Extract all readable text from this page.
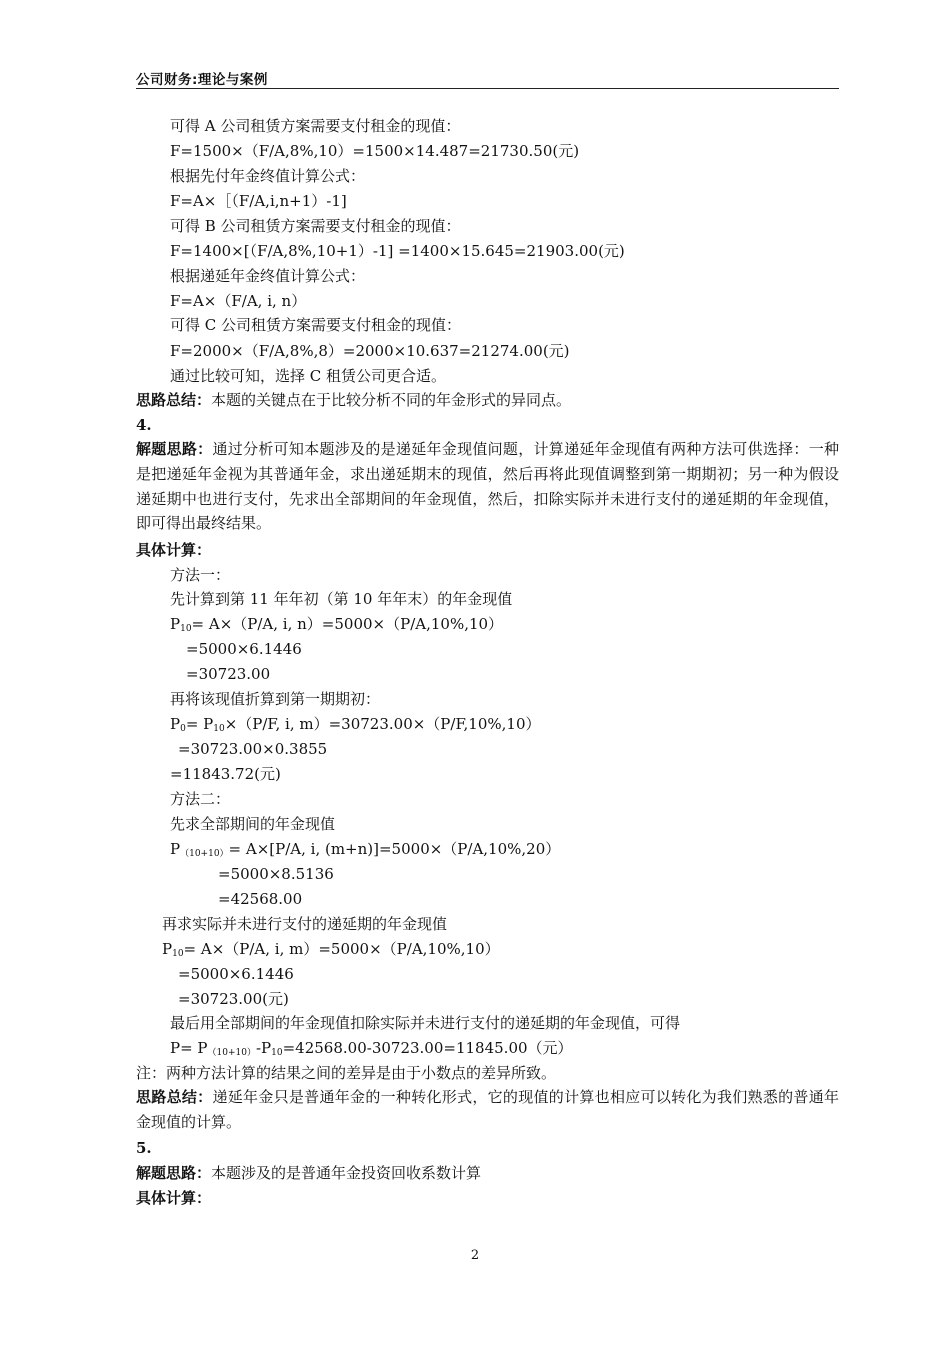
公司财务:理论与案例
可得 A 公司租赁方案需要支付租金的现值：
F=1500×（F/A,8%,10）=1500×14.487=21730.50(元)
根据先付年金终值计算公式：
F=A×［（F/A,i,n+1）-1]
可得 B 公司租赁方案需要支付租金的现值：
F=1400×[（F/A,8%,10+1）-1] =1400×15.645=21903.00(元)
根据递延年金终值计算公式：
F=A×（F/A, i, n）
可得 C 公司租赁方案需要支付租金的现值：
F=2000×（F/A,8%,8）=2000×10.637=21274.00(元)
通过比较可知，选择 C 租赁公司更合适。
思路总结：本题的关键点在于比较分析不同的年金形式的异同点。
4.
解题思路：通过分析可知本题涉及的是递延年金现值问题，计算递延年金现值有两种方法可供选择：一种是把递延年金视为其普通年金，求出递延期末的现值，然后再将此现值调整到第一期期初；另一种为假设递延期中也进行支付，先求出全部期间的年金现值，然后，扣除实际并未进行支付的递延期的年金现值，即可得出最终结果。
具体计算：
方法一：
先计算到第 11 年年初（第 10 年年末）的年金现值
$P_{10}= A\times(P/A$, i, n）=5000×（P/A,10%,10）
=5000×6.1446
=30723.00
再将该现值折算到第一期期初：
$P_0= P_{10}\times(P/F$, i, m）=30723.00×（P/F,10%,10）
=30723.00×0.3855
=11843.72(元)
方法二：
先求全部期间的年金现值
$P_{(10+10)}= A\times[P/A$, i, (m+n)]=5000×（P/A,10%,20）
=5000×8.5136
=42568.00
再求实际并未进行支付的递延期的年金现值
$P_{10}= A\times(P/A$, i, m）=5000×（P/A,10%,10）
=5000×6.1446
=30723.00(元)
最后用全部期间的年金现值扣除实际并未进行支付的递延期的年金现值，可得
$P= P_{(10+10)}-P_{10}=42568.00-30723.00=11845.00$（元）
注：两种方法计算的结果之间的差异是由于小数点的差异所致。
思路总结：递延年金只是普通年金的一种转化形式，它的现值的计算也相应可以转化为我们熟悉的普通年金现值的计算。
5.
解题思路：本题涉及的是普通年金投资回收系数计算
具体计算：
2
